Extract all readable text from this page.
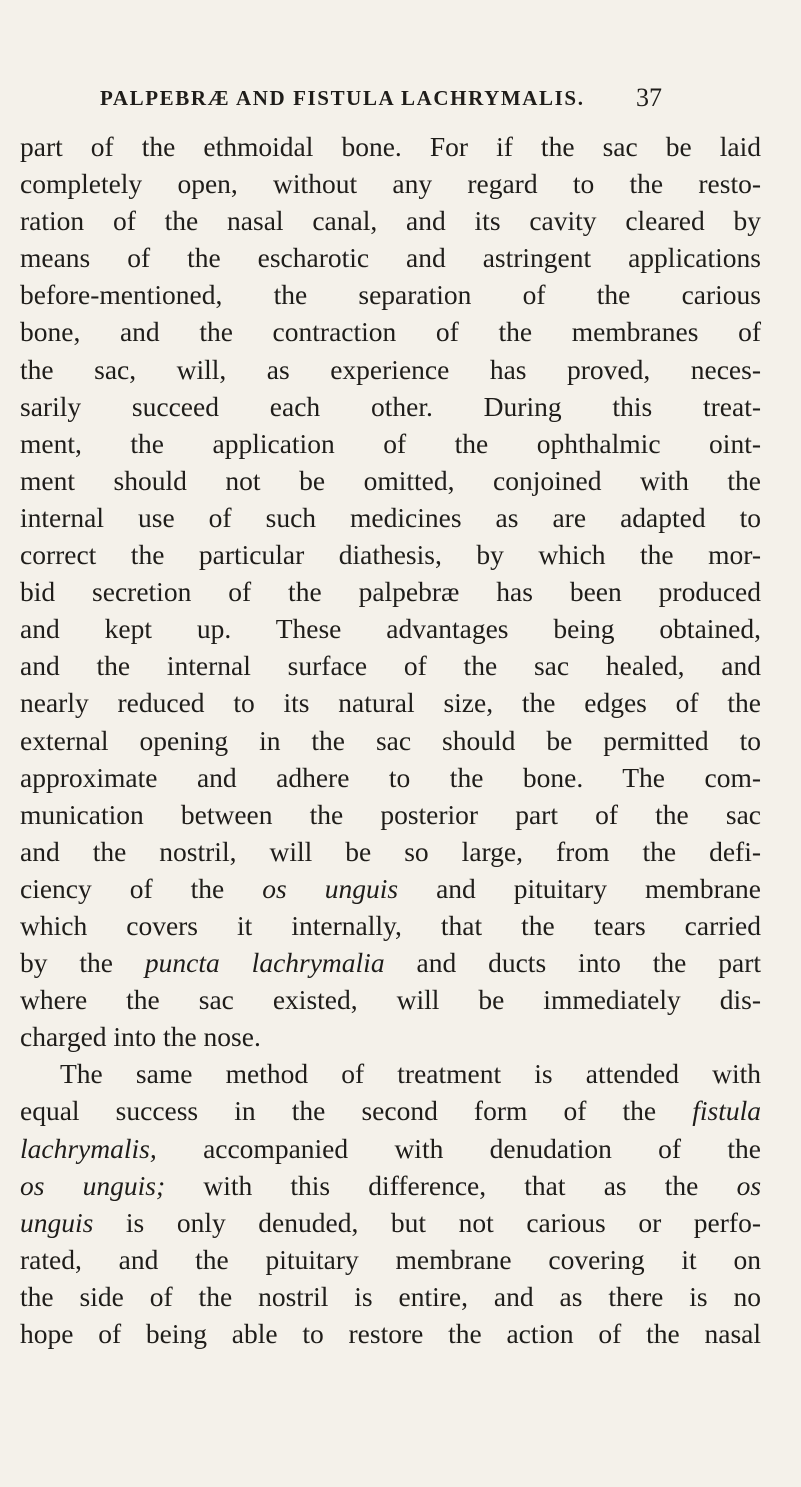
PALPEBRÆ AND FISTULA LACHRYMALIS. 37
part of the ethmoidal bone. For if the sac be laid
completely open, without any regard to the resto-
ration of the nasal canal, and its cavity cleared by
means of the escharotic and astringent applications
before-mentioned, the separation of the carious
bone, and the contraction of the membranes of
the sac, will, as experience has proved, neces-
sarily succeed each other. During this treat-
ment, the application of the ophthalmic oint-
ment should not be omitted, conjoined with the
internal use of such medicines as are adapted to
correct the particular diathesis, by which the mor-
bid secretion of the palpebræ has been produced
and kept up. These advantages being obtained,
and the internal surface of the sac healed, and
nearly reduced to its natural size, the edges of the
external opening in the sac should be permitted to
approximate and adhere to the bone. The com-
munication between the posterior part of the sac
and the nostril, will be so large, from the defi-
ciency of the os unguis and pituitary membrane
which covers it internally, that the tears carried
by the puncta lachrymalia and ducts into the part
where the sac existed, will be immediately dis-
charged into the nose.
The same method of treatment is attended with
equal success in the second form of the fistula
lachrymalis, accompanied with denudation of the
os unguis; with this difference, that as the os
unguis is only denuded, but not carious or perfo-
rated, and the pituitary membrane covering it on
the side of the nostril is entire, and as there is no
hope of being able to restore the action of the nasal
